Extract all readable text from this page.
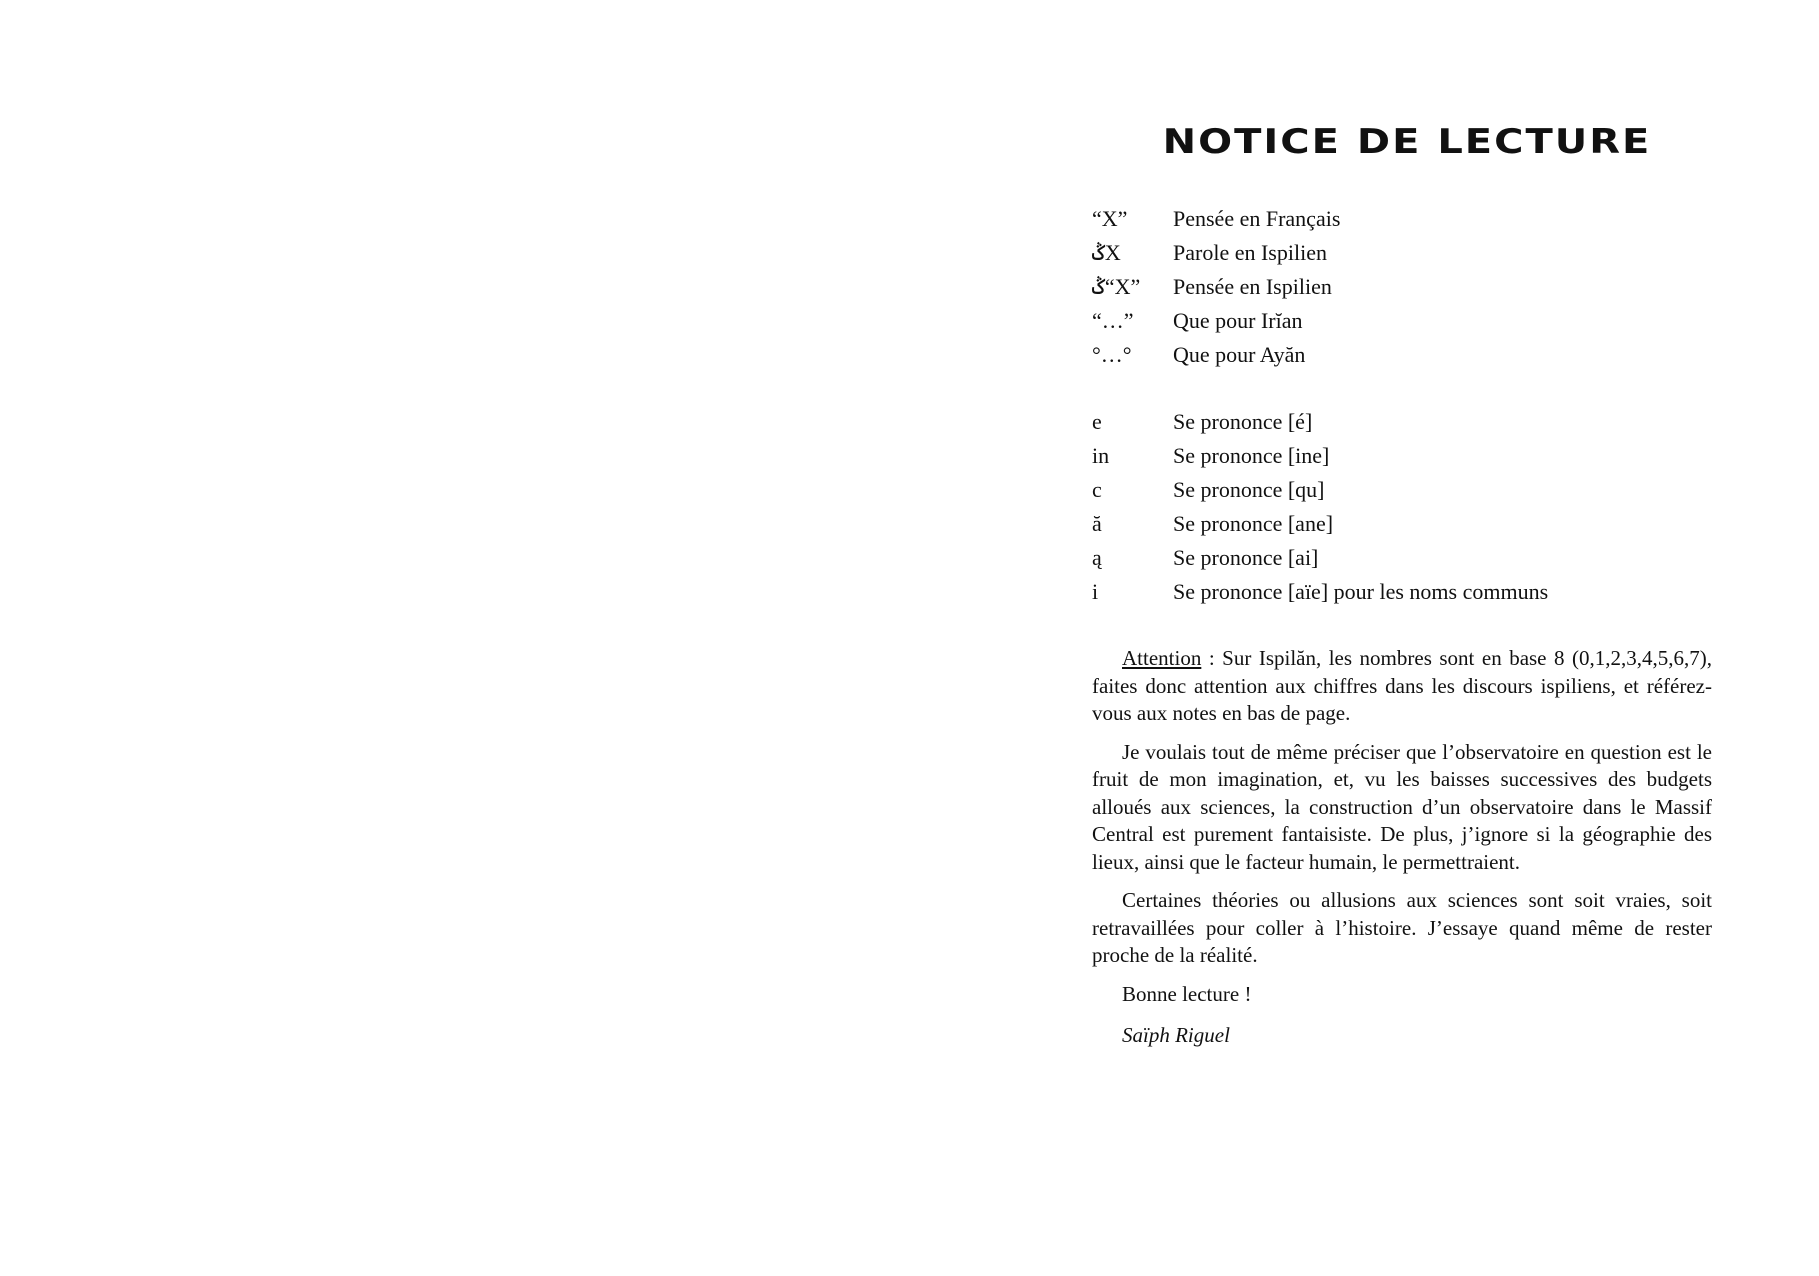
NOTICE DE LECTURE
“X”	Pensée en Français
ݣX	Parole en Ispilien
ݣ“X”	Pensée en Ispilien
“…”	Que pour Irĭan
°…°	Que pour Ayăn
e	Se prononce [é]
in	Se prononce [ine]
c	Se prononce [qu]
ă	Se prononce [ane]
ą	Se prononce [ai]
i	Se prononce [aïe] pour les noms communs

Attention : Sur Ispilăn, les nombres sont en base 8 (0,1,2,3,4,5,6,7), faites donc attention aux chiffres dans les discours ispiliens, et référez-vous aux notes en bas de page.

Je voulais tout de même préciser que l’observatoire en question est le fruit de mon imagination, et, vu les baisses successives des budgets alloués aux sciences, la construction d’un observatoire dans le Massif Central est purement fantaisiste. De plus, j’ignore si la géographie des lieux, ainsi que le facteur humain, le permettraient.

Certaines théories ou allusions aux sciences sont soit vraies, soit retravaillées pour coller à l’histoire. J’essaye quand même de rester proche de la réalité.

Bonne lecture !

Saïph Riguel
